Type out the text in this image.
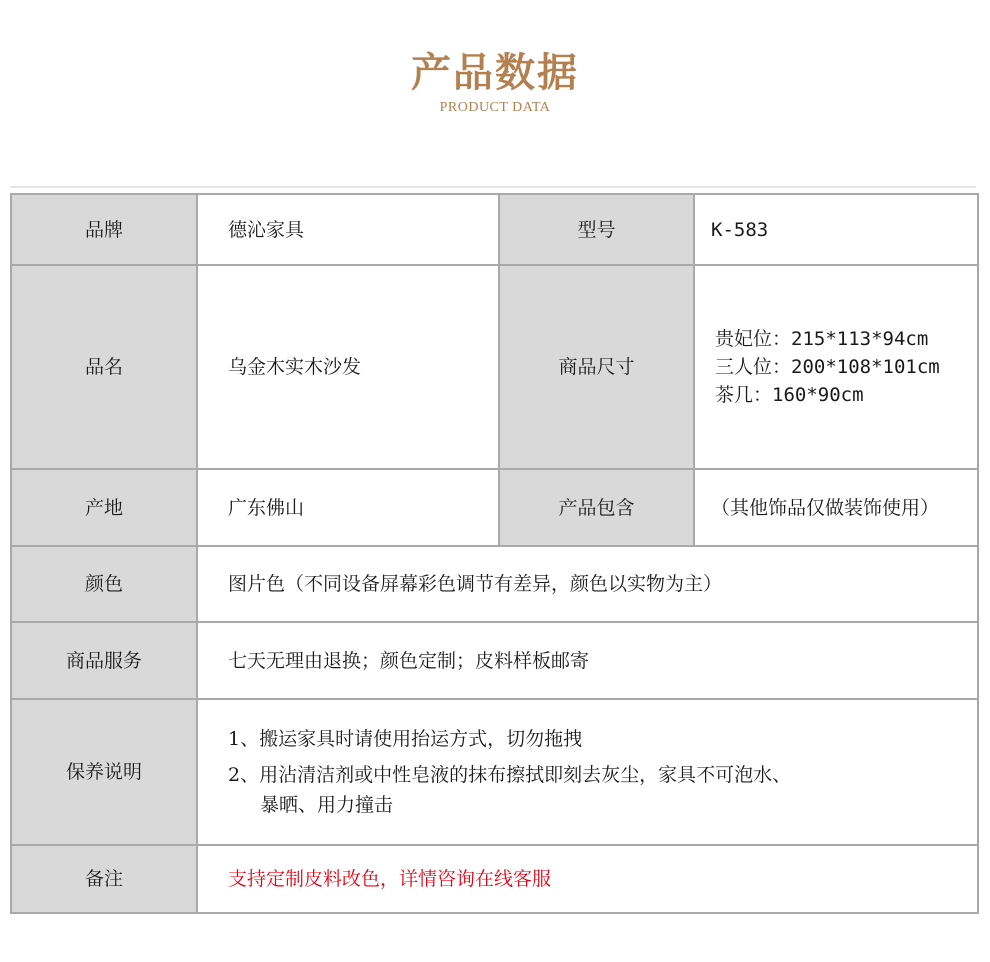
产品数据
PRODUCT DATA
品牌	德沁家具	型号	K-583
品名	乌金木实木沙发	商品尺寸	贵妃位：215*113*94cm
三人位：200*108*101cm
茶几：160*90cm

产地	广东佛山	产品包含	（其他饰品仅做装饰使用）
颜色	图片色（不同设备屏幕彩色调节有差异，颜色以实物为主）		
商品服务	七天无理由退换；颜色定制；皮料样板邮寄		
保养说明	1、搬运家具时请使用抬运方式，切勿拖拽
2、用沾清洁剂或中性皂液的抹布擦拭即刻去灰尘，家具不可泡水、
暴晒、用力撞击		

备注	支持定制皮料改色，详情咨询在线客服		
